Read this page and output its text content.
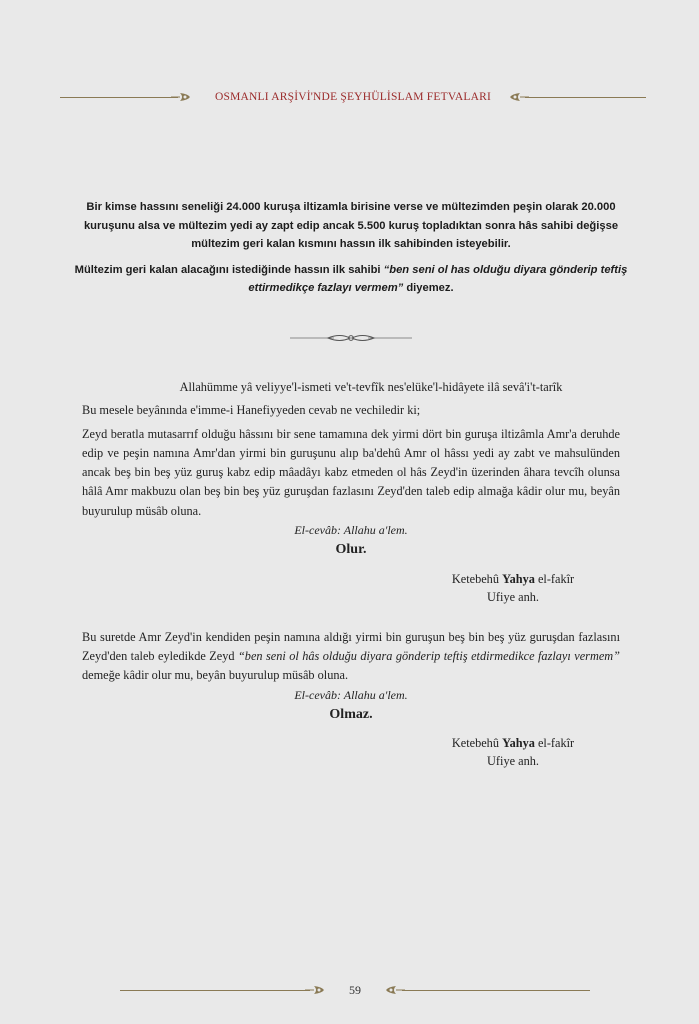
OSMANLI ARŞİVİ'NDE ŞEYHÜLİSLAM FETVALARI

Bir kimse hassını seneliği 24.000 kuruşa iltizamla birisine verse ve mültezimden peşin olarak 20.000 kuruşunu alsa ve mültezim yedi ay zapt edip ancak 5.500 kuruş topladıktan sonra hâs sahibi değişse mültezim geri kalan kısmını hassın ilk sahibinden isteyebilir.

Mültezim geri kalan alacağını istediğinde hassın ilk sahibi “ben seni ol has olduğu diyara gönderip teftiş ettirmedikçe fazlayı vermem” diyemez.

Allahümme yâ veliyye'l-ismeti ve't-tevfîk nes'elüke'l-hidâyete ilâ sevâ'i't-tarîk

Bu mesele beyânında e'imme-i Hanefiyyeden cevab ne vechiledir ki;

Zeyd beratla mutasarrıf olduğu hâssını bir sene tamamına dek yirmi dört bin guruşa iltizâmla Amr'a deruhde edip ve peşin namına Amr'dan yirmi bin guruşunu alıp ba'dehû Amr ol hâssı yedi ay zabt ve mahsulünden ancak beş bin beş yüz guruş kabz edip mâadâyı kabz etmeden ol hâs Zeyd'in üzerinden âhara tevcîh olunsa hâlâ Amr makbuzu olan beş bin beş yüz guruşdan fazlasını Zeyd'den taleb edip almağa kâdir olur mu, beyân buyurulup müsâb oluna.

El-cevâb: Allahu a'lem.

Olur.

Ketebehû Yahya el-fakîr
Ufiye anh.

Bu suretde Amr Zeyd'in kendiden peşin namına aldığı yirmi bin guruşun beş bin beş yüz guruşdan fazlasını Zeyd'den taleb eyledikde Zeyd “ben seni ol hâs olduğu diyara gönderip teftiş etdirmedikce fazlayı vermem” demeğe kâdir olur mu, beyân buyurulup müsâb oluna.

El-cevâb: Allahu a'lem.

Olmaz.

Ketebehû Yahya el-fakîr
Ufiye anh.
59
